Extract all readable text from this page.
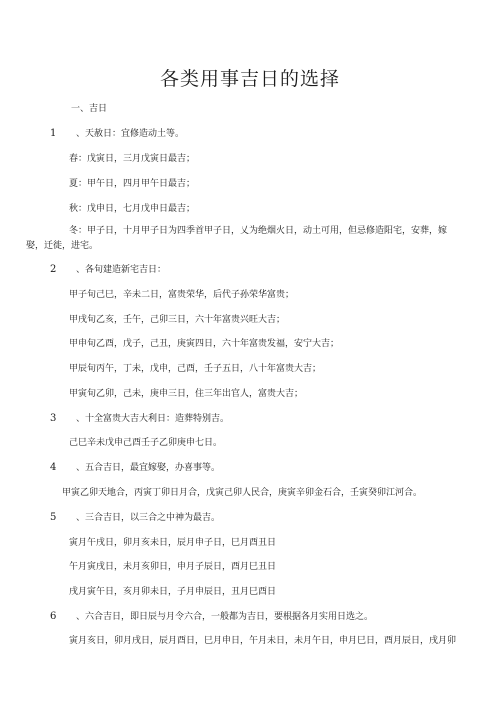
各类用事吉日的选择
一、吉日
1 、天赦日：宜修造动土等。
春：戊寅日，三月戊寅日最吉；
夏：甲午日，四月甲午日最吉；
秋：戊申日，七月戊申日最吉；
冬：甲子日，十月甲子日为四季首甲子日，乂为绝烟火日，动土可用，但忌修造阳宅，安葬，嫁娶，迁徙，进宅。
2 、各旬建造新宅吉日：
甲子旬己巳，辛未二日，富贵荣华，后代子孙荣华富贵；
甲戌旬乙亥，壬午，己卯三日，六十年富贵兴旺大吉；
甲申旬乙酉，戊子，己丑，庚寅四日，六十年富贵发福，安宁大吉；
甲辰旬丙午，丁未，戊申，己酉，壬子五日，八十年富贵大吉；
甲寅旬乙卯，己未，庚申三日，住三年出官人，富贵大吉；
3 、十全富贵大吉大利日：造葬特别吉。
己巳辛未戊申己酉壬子乙卯庚申七日。
4 、五合吉日，最宜嫁娶，办喜事等。
甲寅乙卯天地合，丙寅丁卯日月合，戊寅己卯人民合，庚寅辛卯金石合，壬寅癸卯江河合。
5 、三合吉日，以三合之中神为最吉。
寅月午戌日，卯月亥未日，辰月申子日，巳月酉丑日
午月寅戌日，未月亥卯日，申月子辰日，酉月巳丑日
戌月寅午日，亥月卯未日，子月申辰日，丑月巳酉日
6 、六合吉日，即日辰与月令六合，一般都为吉日，要根据各月实用日选之。
寅月亥日，卯月戌日，辰月酉日，巳月申日，午月未日，未月午日，申月巳日，酉月辰日，戌月卯
